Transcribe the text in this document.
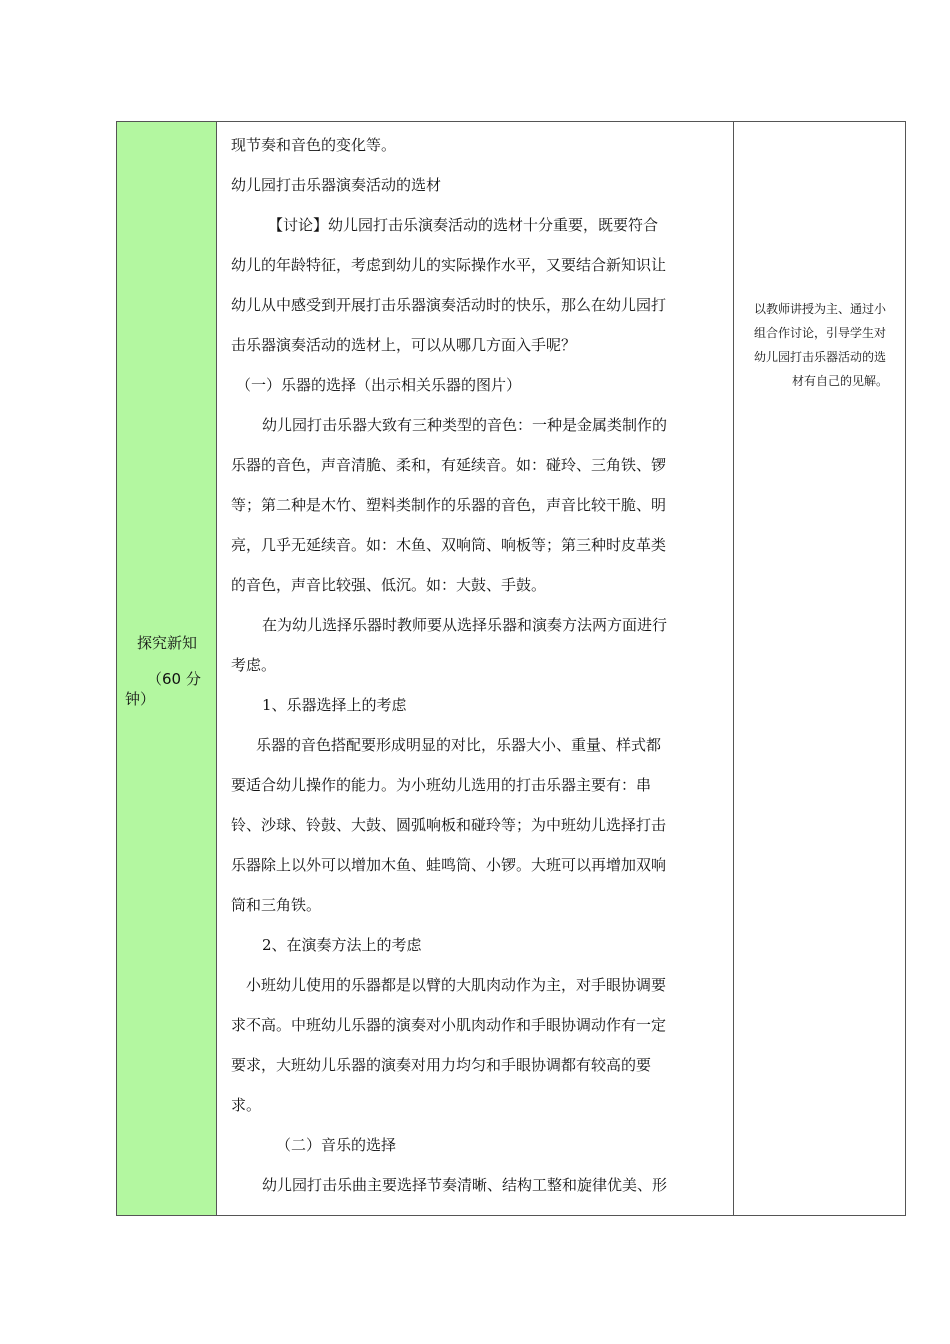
探究新知
（60 分钟）
以教师讲授为主、通过小
组合作讨论，引导学生对
幼儿园打击乐器活动的选
材有自己的见解。

现节奏和音色的变化等。

幼儿园打击乐器演奏活动的选材

【讨论】幼儿园打击乐演奏活动的选材十分重要，既要符合

幼儿的年龄特征，考虑到幼儿的实际操作水平，又要结合新知识让

幼儿从中感受到开展打击乐器演奏活动时的快乐，那么在幼儿园打

击乐器演奏活动的选材上，可以从哪几方面入手呢？

（一）乐器的选择（出示相关乐器的图片）

幼儿园打击乐器大致有三种类型的音色：一种是金属类制作的

乐器的音色，声音清脆、柔和，有延续音。如：碰玲、三角铁、锣

等；第二种是木竹、塑料类制作的乐器的音色，声音比较干脆、明

亮，几乎无延续音。如：木鱼、双响筒、响板等；第三种时皮革类

的音色，声音比较强、低沉。如：大鼓、手鼓。

在为幼儿选择乐器时教师要从选择乐器和演奏方法两方面进行

考虑。

1、乐器选择上的考虑

乐器的音色搭配要形成明显的对比，乐器大小、重量、样式都

要适合幼儿操作的能力。为小班幼儿选用的打击乐器主要有：串

铃、沙球、铃鼓、大鼓、圆弧响板和碰玲等；为中班幼儿选择打击

乐器除上以外可以增加木鱼、蛙鸣筒、小锣。大班可以再增加双响

筒和三角铁。

2、在演奏方法上的考虑

小班幼儿使用的乐器都是以臂的大肌肉动作为主，对手眼协调要

求不高。中班幼儿乐器的演奏对小肌肉动作和手眼协调动作有一定

要求，大班幼儿乐器的演奏对用力均匀和手眼协调都有较高的要

求。

（二）音乐的选择

幼儿园打击乐曲主要选择节奏清晰、结构工整和旋律优美、形
